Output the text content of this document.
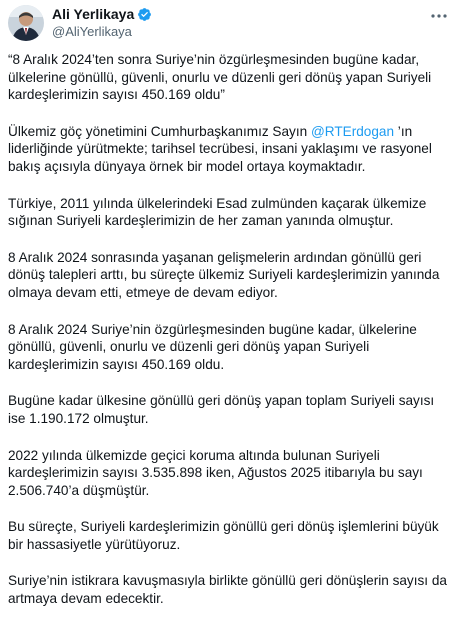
Ali Yerlikaya
@AliYerlikaya

“8 Aralık 2024’ten sonra Suriye’nin özgürleşmesinden bugüne kadar, ülkelerine gönüllü, güvenli, onurlu ve düzenli geri dönüş yapan Suriyeli kardeşlerimizin sayısı 450.169 oldu”

Ülkemiz göç yönetimini Cumhurbaşkanımız Sayın @RTErdogan ’ın liderliğinde yürütmekte; tarihsel tecrübesi, insani yaklaşımı ve rasyonel bakış açısıyla dünyaya örnek bir model ortaya koymaktadır.

Türkiye, 2011 yılında ülkelerindeki Esad zulmünden kaçarak ülkemize sığınan Suriyeli kardeşlerimizin de her zaman yanında olmuştur.

8 Aralık 2024 sonrasında yaşanan gelişmelerin ardından gönüllü geri dönüş talepleri arttı, bu süreçte ülkemiz Suriyeli kardeşlerimizin yanında olmaya devam etti, etmeye de devam ediyor.

8 Aralık 2024 Suriye’nin özgürleşmesinden bugüne kadar, ülkelerine gönüllü, güvenli, onurlu ve düzenli geri dönüş yapan Suriyeli kardeşlerimizin sayısı 450.169 oldu.

Bugüne kadar ülkesine gönüllü geri dönüş yapan toplam Suriyeli sayısı ise 1.190.172 olmuştur.

2022 yılında ülkemizde geçici koruma altında bulunan Suriyeli kardeşlerimizin sayısı 3.535.898 iken, Ağustos 2025 itibarıyla bu sayı 2.506.740’a düşmüştür.

Bu süreçte, Suriyeli kardeşlerimizin gönüllü geri dönüş işlemlerini büyük bir hassasiyetle yürütüyoruz.

Suriye’nin istikrara kavuşmasıyla birlikte gönüllü geri dönüşlerin sayısı da artmaya devam edecektir.
